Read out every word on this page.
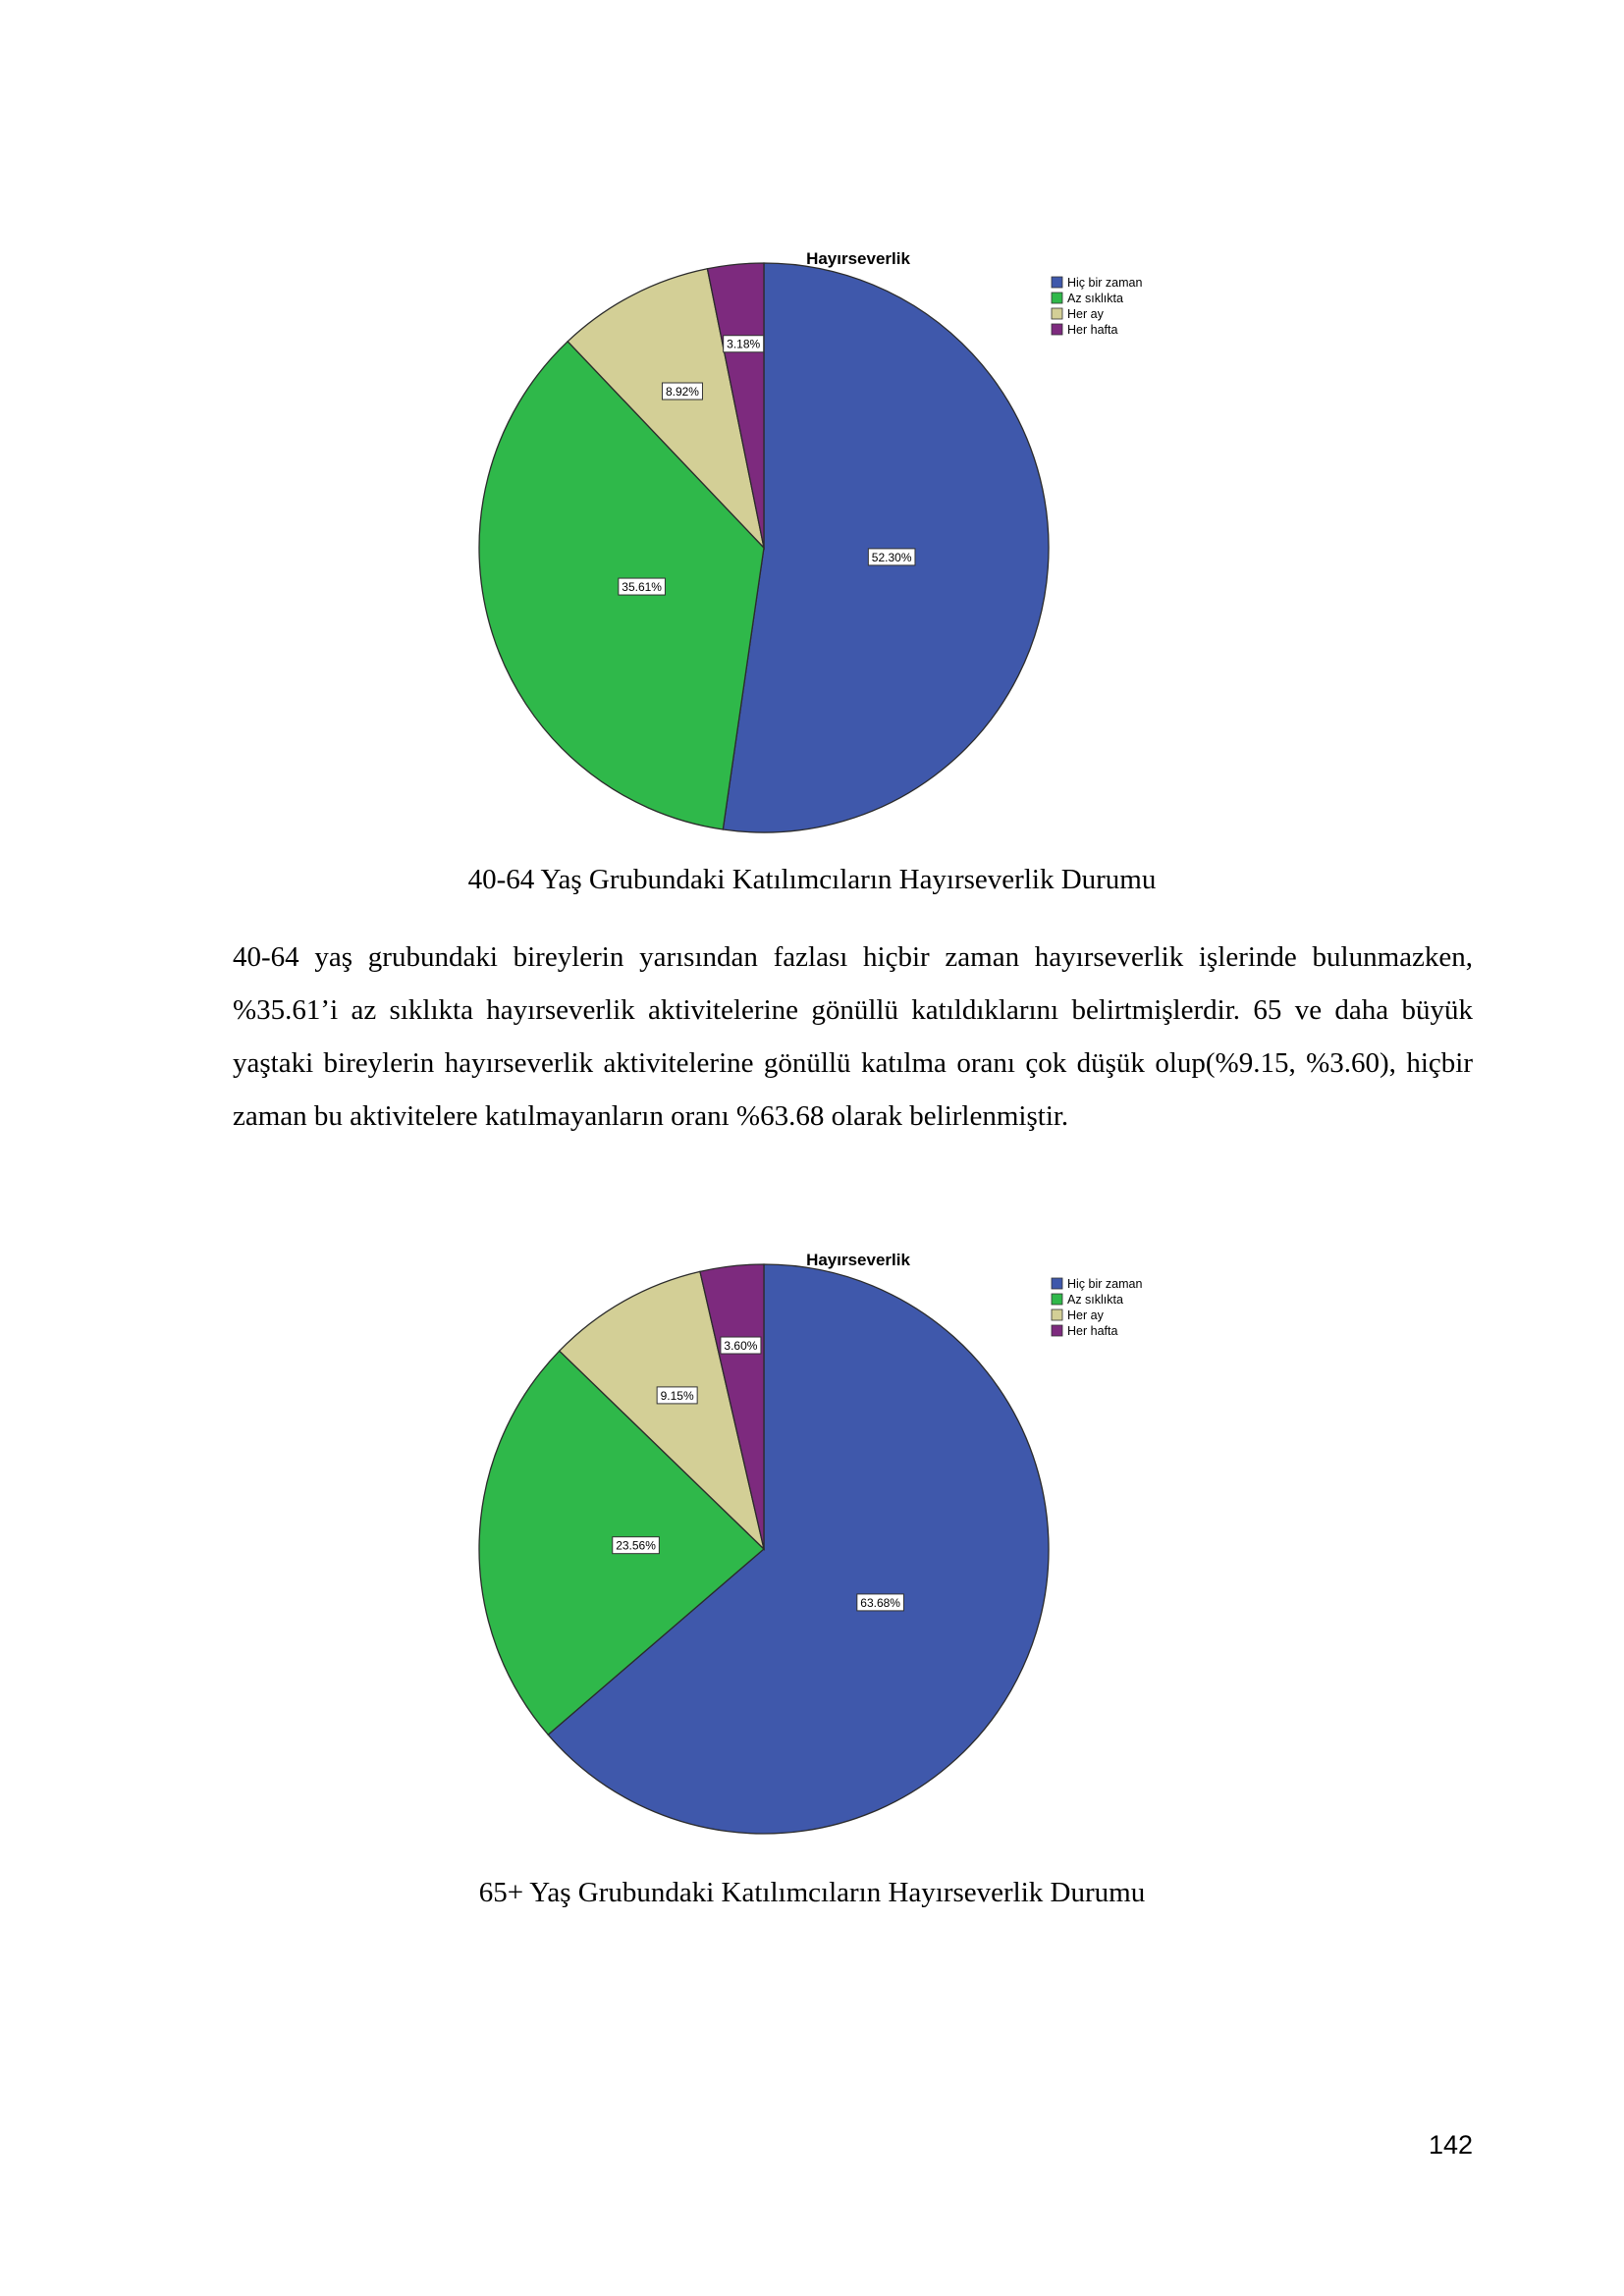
Hayırseverlik
52.30%
35.61%
8.92%
3.18%
Hiç bir zaman
Az sıklıkta
Her ay
Her hafta
40-64 Yaş Grubundaki Katılımcıların Hayırseverlik Durumu
40-64 yaş grubundaki bireylerin yarısından fazlası hiçbir zaman hayırseverlik işlerinde bulunmazken, %35.61’i az sıklıkta hayırseverlik aktivitelerine gönüllü katıldıklarını belirtmişlerdir. 65 ve daha büyük yaştaki bireylerin hayırseverlik aktivitelerine gönüllü katılma oranı çok düşük olup(%9.15, %3.60), hiçbir zaman bu aktivitelere katılmayanların oranı %63.68 olarak belirlenmiştir.
Hayırseverlik
63.68%
23.56%
9.15%
3.60%
Hiç bir zaman
Az sıklıkta
Her ay
Her hafta
65+ Yaş Grubundaki Katılımcıların Hayırseverlik Durumu
142
